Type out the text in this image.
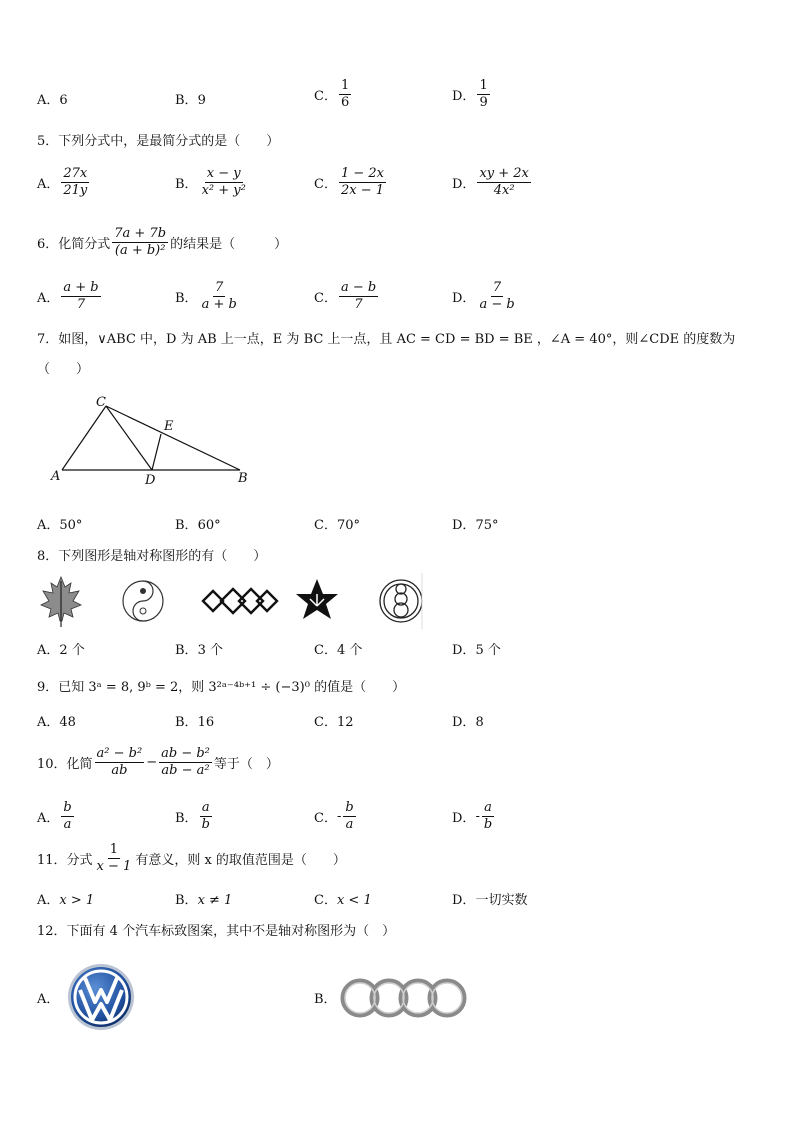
A．6	B．9	C． $\frac{1}{6}$	D． $\frac{1}{9}$
5．下列分式中，是最简分式的是（　　）
A． $\frac{27x}{21y}$	B． $\frac{x - y}{\text{x² + y²}}$	C． $\frac{1 - 2x}{2x - 1}$	D． $\frac{xy + 2x}{\text{4x²}}$
6．化简分式 $\frac{7a + 7b}{\text{(a + b)²}}$ 的结果是（　　　）
A． $\frac{a + b}{7}$	B． $\frac{7}{a + b}$	C． $\frac{a - b}{7}$	D． $\frac{7}{a - b}$
7．如图，∨ABC 中，D 为 AB 上一点，E 为 BC 上一点，且 AC = CD = BD = BE ，∠A = 40°，则∠CDE 的度数为
（　　）
C
E
A	D	B
A．50°	B．60°	C．70°	D．75°
8．下列图形是轴对称图形的有（　　）
A．2 个	B．3 个	C．4 个	D．5 个
9．已知 3ᵃ = 8, 9ᵇ = 2，则 3²ᵃ⁻⁴ᵇ⁺¹ ÷ (−3)⁰ 的值是（　　）
A．48	B．16	C．12	D．8
10．化简 $\frac{\text{a² − b²}}{ab} - \frac{\text{ab − b²}}{\text{ab − a²}}$ 等于（　）
A． $\frac{b}{a}$	B． $\frac{a}{b}$	C．- $\frac{b}{a}$	D．- $\frac{a}{b}$
11．分式 $\frac{1}{x - 1}$ 有意义，则 x 的取值范围是（　　）
A．x > 1	B．x ≠ 1	C．x < 1	D．一切实数
12．下面有 4 个汽车标致图案，其中不是轴对称图形为（　）
A．	B．
